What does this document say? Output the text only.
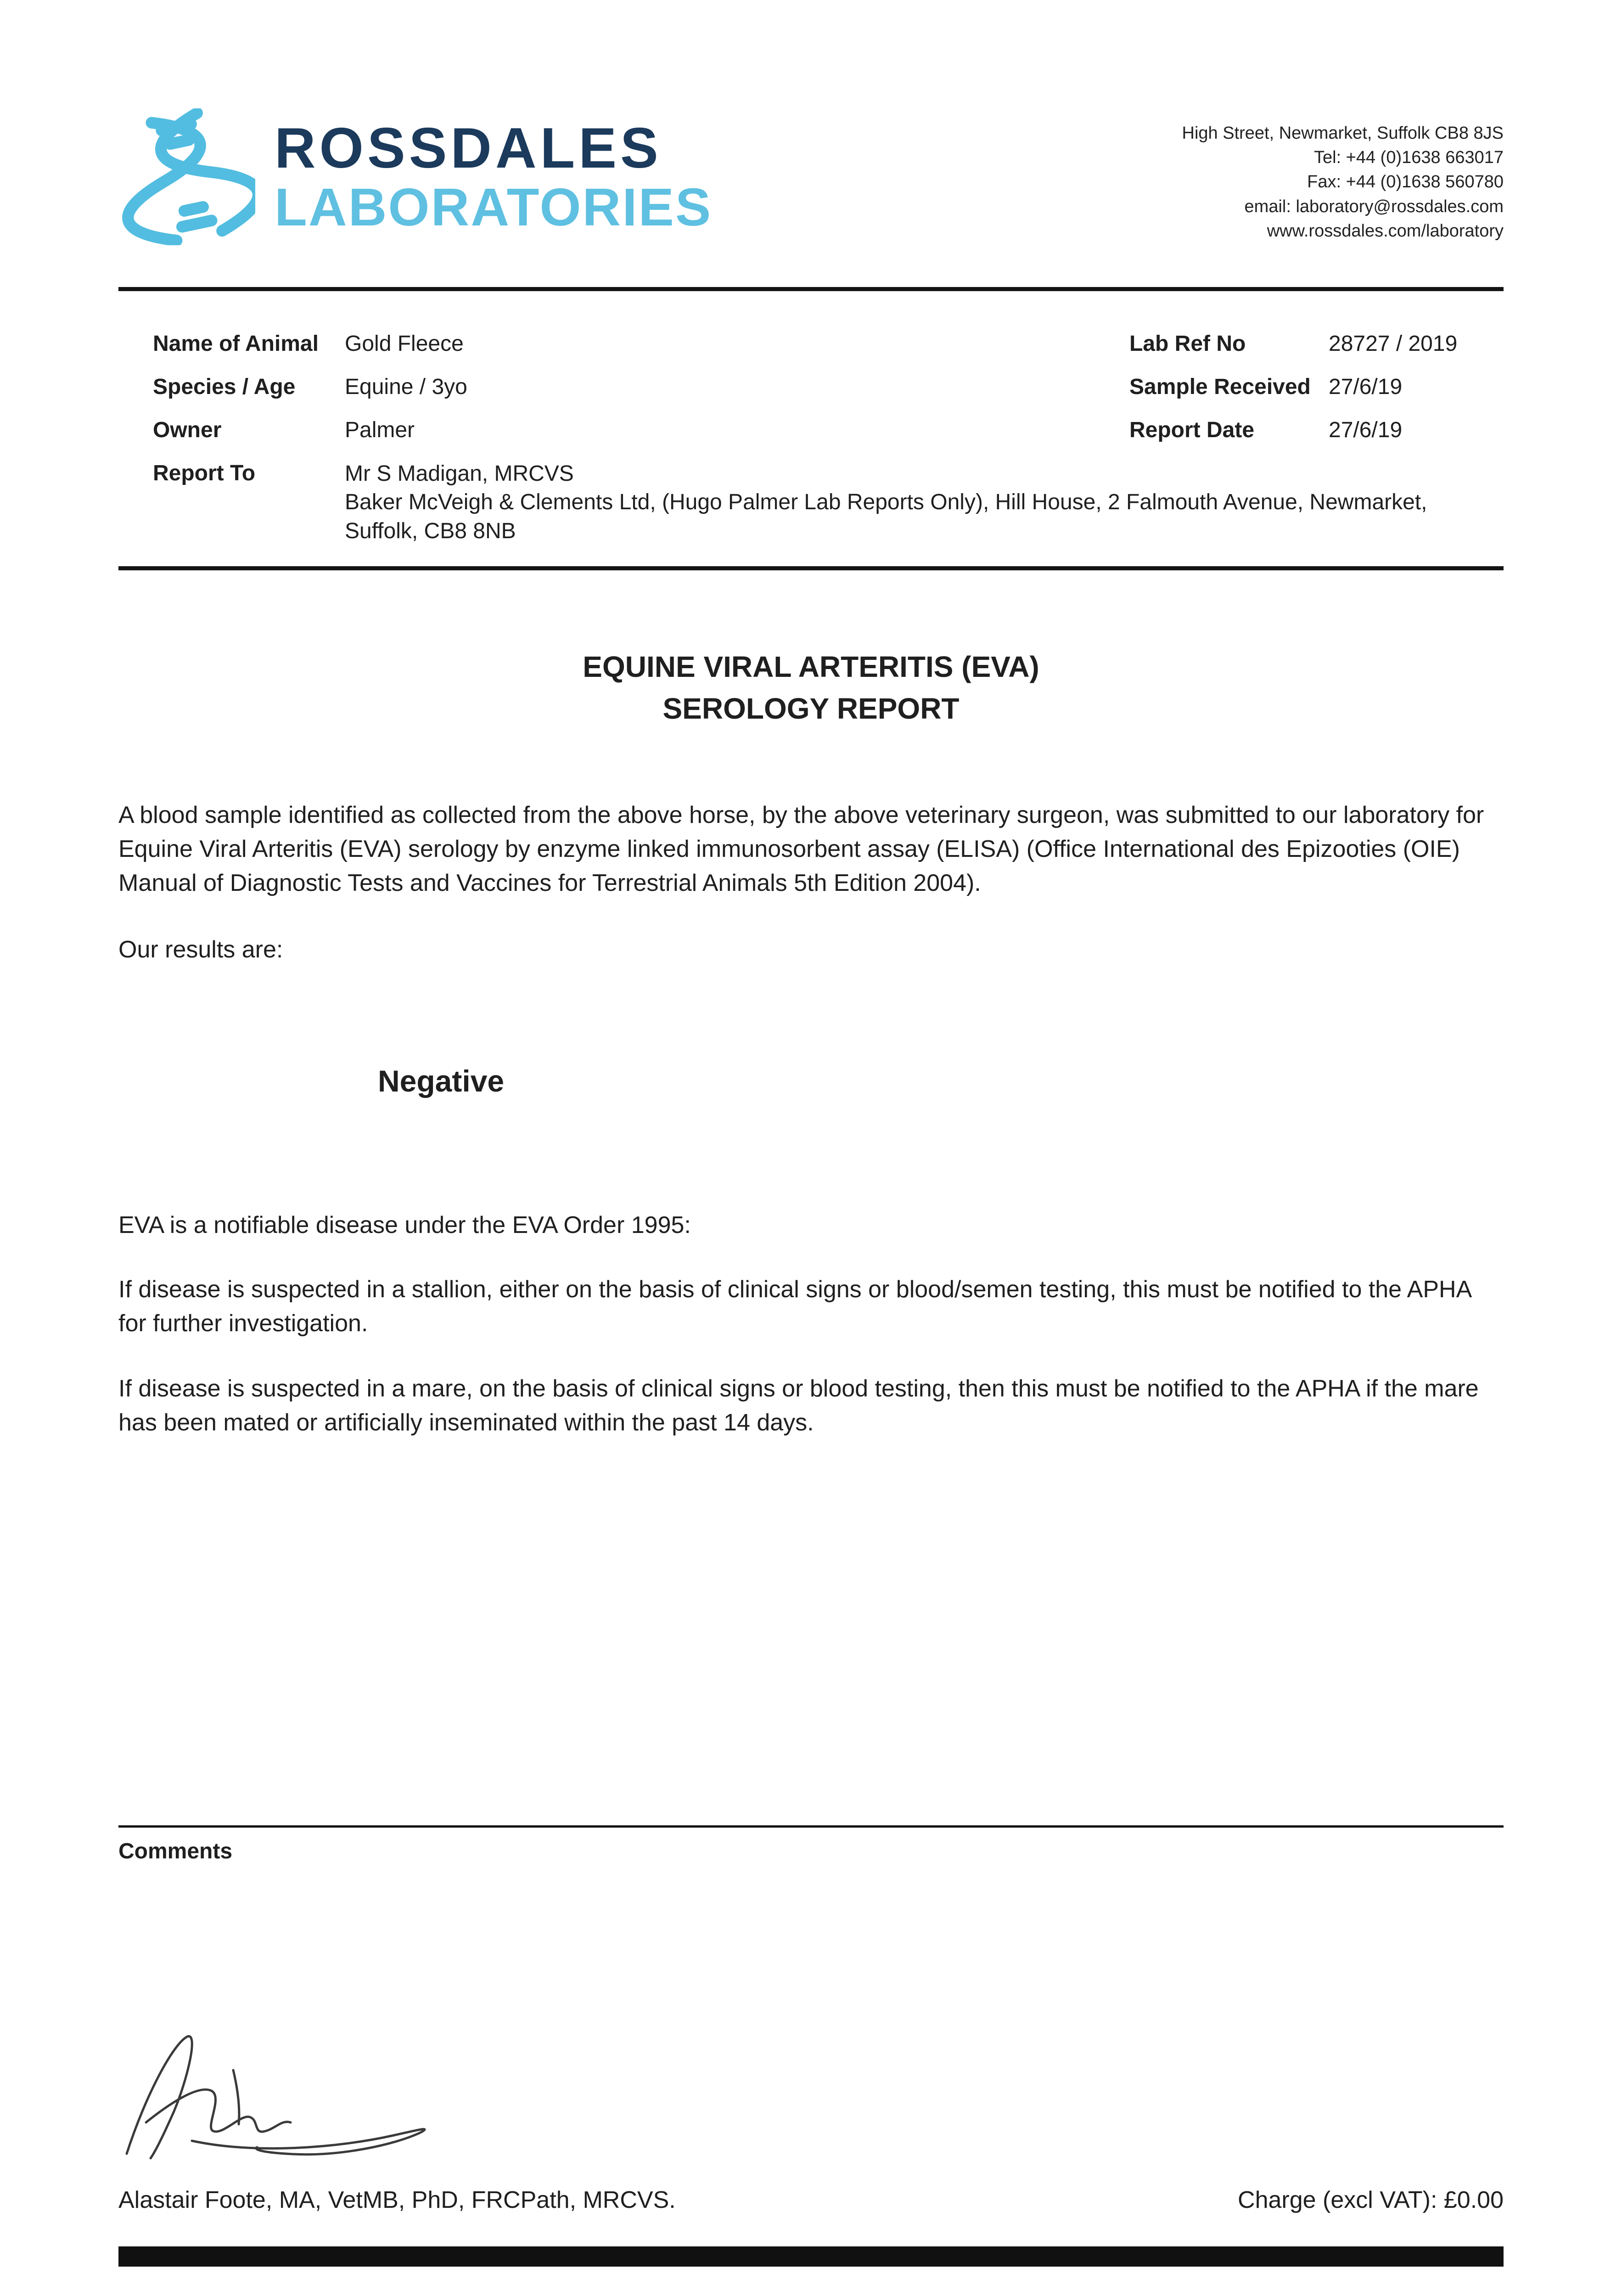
ROSSDALES
LABORATORIES
High Street, Newmarket, Suffolk CB8 8JS
Tel: +44 (0)1638 663017
Fax: +44 (0)1638 560780
email: laboratory@rossdales.com
www.rossdales.com/laboratory
Name of Animal	Gold Fleece	Lab Ref No	28727 / 2019
Species / Age	Equine / 3yo	Sample Received 27/6/19
Owner	Palmer	Report Date	27/6/19
Report To	Mr S Madigan, MRCVS
Baker McVeigh & Clements Ltd, (Hugo Palmer Lab Reports Only), Hill House, 2 Falmouth Avenue, Newmarket, Suffolk, CB8 8NB
EQUINE VIRAL ARTERITIS (EVA)
SEROLOGY REPORT

A blood sample identified as collected from the above horse, by the above veterinary surgeon, was submitted to our laboratory for Equine Viral Arteritis (EVA) serology by enzyme linked immunosorbent assay (ELISA) (Office International des Epizooties (OIE) Manual of Diagnostic Tests and Vaccines for Terrestrial Animals 5th Edition 2004).

Our results are:

Negative

EVA is a notifiable disease under the EVA Order 1995:

If disease is suspected in a stallion, either on the basis of clinical signs or blood/semen testing, this must be notified to the APHA for further investigation.

If disease is suspected in a mare, on the basis of clinical signs or blood testing, then this must be notified to the APHA if the mare has been mated or artificially inseminated within the past 14 days.

Comments
Alastair Foote, MA, VetMB, PhD, FRCPath, MRCVS.	Charge (excl VAT): £0.00
